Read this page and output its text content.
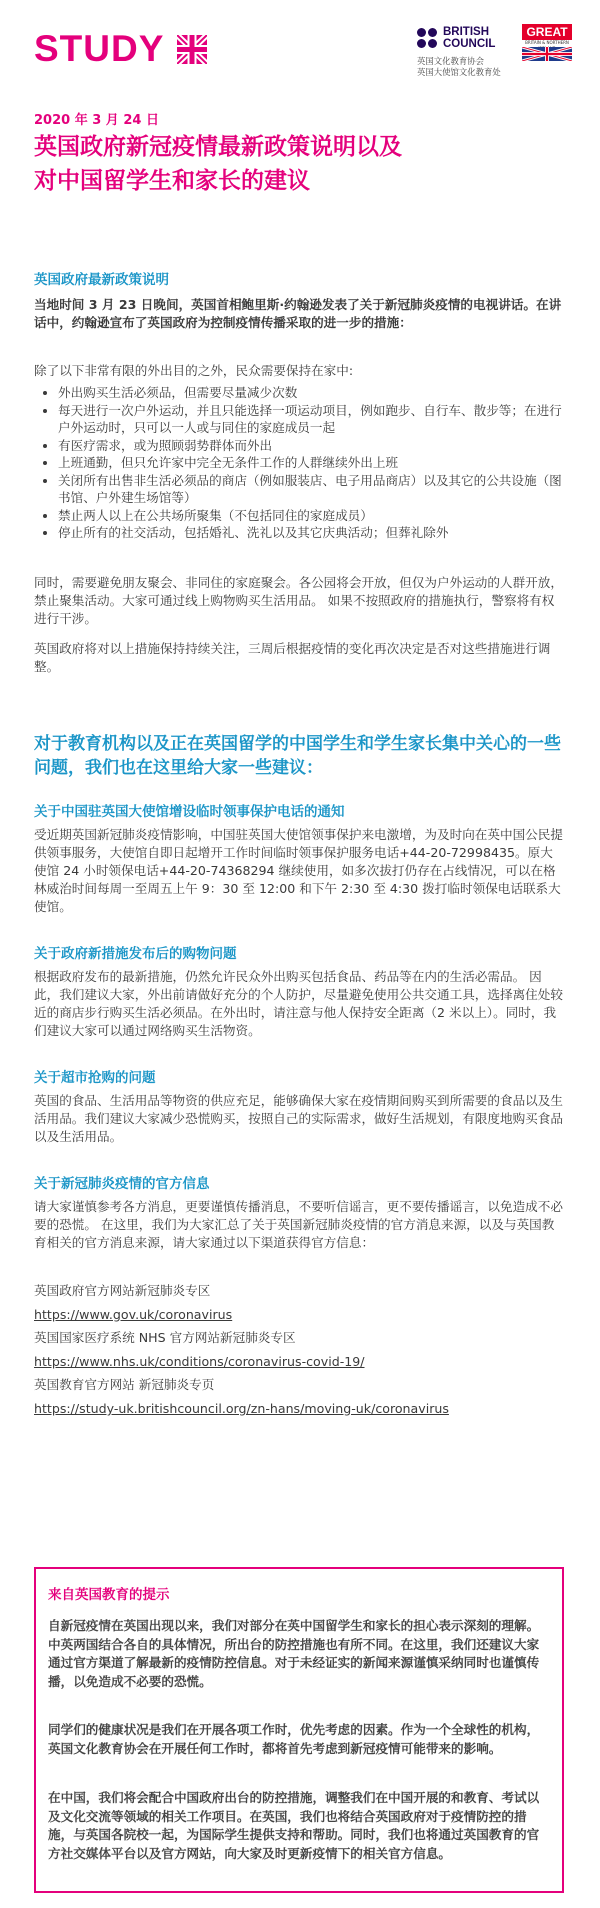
STUDY	BRITISH
COUNCIL
英国文化教育协会
英国大使馆文化教育处
GREAT
BRITAIN & NORTHERN
2020 年 3 月 24 日
英国政府新冠疫情最新政策说明以及
对中国留学生和家长的建议
英国政府最新政策说明
当地时间 3 月 23 日晚间，英国首相鲍里斯·约翰逊发表了关于新冠肺炎疫情的电视讲话。在讲话中，约翰逊宣布了英国政府为控制疫情传播采取的进一步的措施：
除了以下非常有限的外出目的之外，民众需要保持在家中:
• 外出购买生活必须品，但需要尽量减少次数
• 每天进行一次户外运动，并且只能选择一项运动项目，例如跑步、自行车、散步等；在进行户外运动时，只可以一人或与同住的家庭成员一起
• 有医疗需求，或为照顾弱势群体而外出
• 上班通勤，但只允许家中完全无条件工作的人群继续外出上班
• 关闭所有出售非生活必须品的商店（例如服装店、电子用品商店）以及其它的公共设施（图书馆、户外建生场馆等）
• 禁止两人以上在公共场所聚集（不包括同住的家庭成员）
• 停止所有的社交活动，包括婚礼、洗礼以及其它庆典活动；但葬礼除外
同时，需要避免朋友聚会、非同住的家庭聚会。各公园将会开放，但仅为户外运动的人群开放，禁止聚集活动。大家可通过线上购物购买生活用品。 如果不按照政府的措施执行，警察将有权进行干涉。
英国政府将对以上措施保持持续关注，三周后根据疫情的变化再次决定是否对这些措施进行调整。
对于教育机构以及正在英国留学的中国学生和学生家长集中关心的一些问题，我们也在这里给大家一些建议：
关于中国驻英国大使馆增设临时领事保护电话的通知
受近期英国新冠肺炎疫情影响，中国驻英国大使馆领事保护来电激增，为及时向在英中国公民提供领事服务，大使馆自即日起增开工作时间临时领事保护服务电话+44-20-72998435。原大使馆 24 小时领保电话+44-20-74368294 继续使用，如多次拔打仍存在占线情况，可以在格林威治时间每周一至周五上午 9：30 至 12:00 和下午 2:30 至 4:30 拨打临时领保电话联系大使馆。
关于政府新措施发布后的购物问题
根据政府发布的最新措施，仍然允许民众外出购买包括食品、药品等在内的生活必需品。 因此，我们建议大家，外出前请做好充分的个人防护，尽量避免使用公共交通工具，选择离住处较近的商店步行购买生活必须品。在外出时，请注意与他人保持安全距离（2 米以上）。同时，我们建议大家可以通过网络购买生活物资。
关于超市抢购的问题
英国的食品、生活用品等物资的供应充足，能够确保大家在疫情期间购买到所需要的食品以及生活用品。我们建议大家减少恐慌购买，按照自己的实际需求，做好生活规划，有限度地购买食品以及生活用品。
关于新冠肺炎疫情的官方信息
请大家谨慎参考各方消息，更要谨慎传播消息，不要听信谣言，更不要传播谣言，以免造成不必要的恐慌。 在这里，我们为大家汇总了关于英国新冠肺炎疫情的官方消息来源，以及与英国教育相关的官方消息来源，请大家通过以下渠道获得官方信息：
英国政府官方网站新冠肺炎专区
https://www.gov.uk/coronavirus
英国国家医疗系统 NHS 官方网站新冠肺炎专区
https://www.nhs.uk/conditions/coronavirus-covid-19/
英国教育官方网站 新冠肺炎专页
https://study-uk.britishcouncil.org/zn-hans/moving-uk/coronavirus
来自英国教育的提示
自新冠疫情在英国出现以来，我们对部分在英中国留学生和家长的担心表示深刻的理解。中英两国结合各自的具体情况，所出台的防控措施也有所不同。在这里，我们还建议大家通过官方渠道了解最新的疫情防控信息。对于未经证实的新闻来源谨慎采纳同时也谨慎传播，以免造成不必要的恐慌。
同学们的健康状况是我们在开展各项工作时，优先考虑的因素。作为一个全球性的机构，英国文化教育协会在开展任何工作时，都将首先考虑到新冠疫情可能带来的影响。
在中国，我们将会配合中国政府出台的防控措施，调整我们在中国开展的和教育、考试以及文化交流等领域的相关工作项目。在英国，我们也将结合英国政府对于疫情防控的措施，与英国各院校一起，为国际学生提供支持和帮助。同时，我们也将通过英国教育的官方社交媒体平台以及官方网站，向大家及时更新疫情下的相关官方信息。
